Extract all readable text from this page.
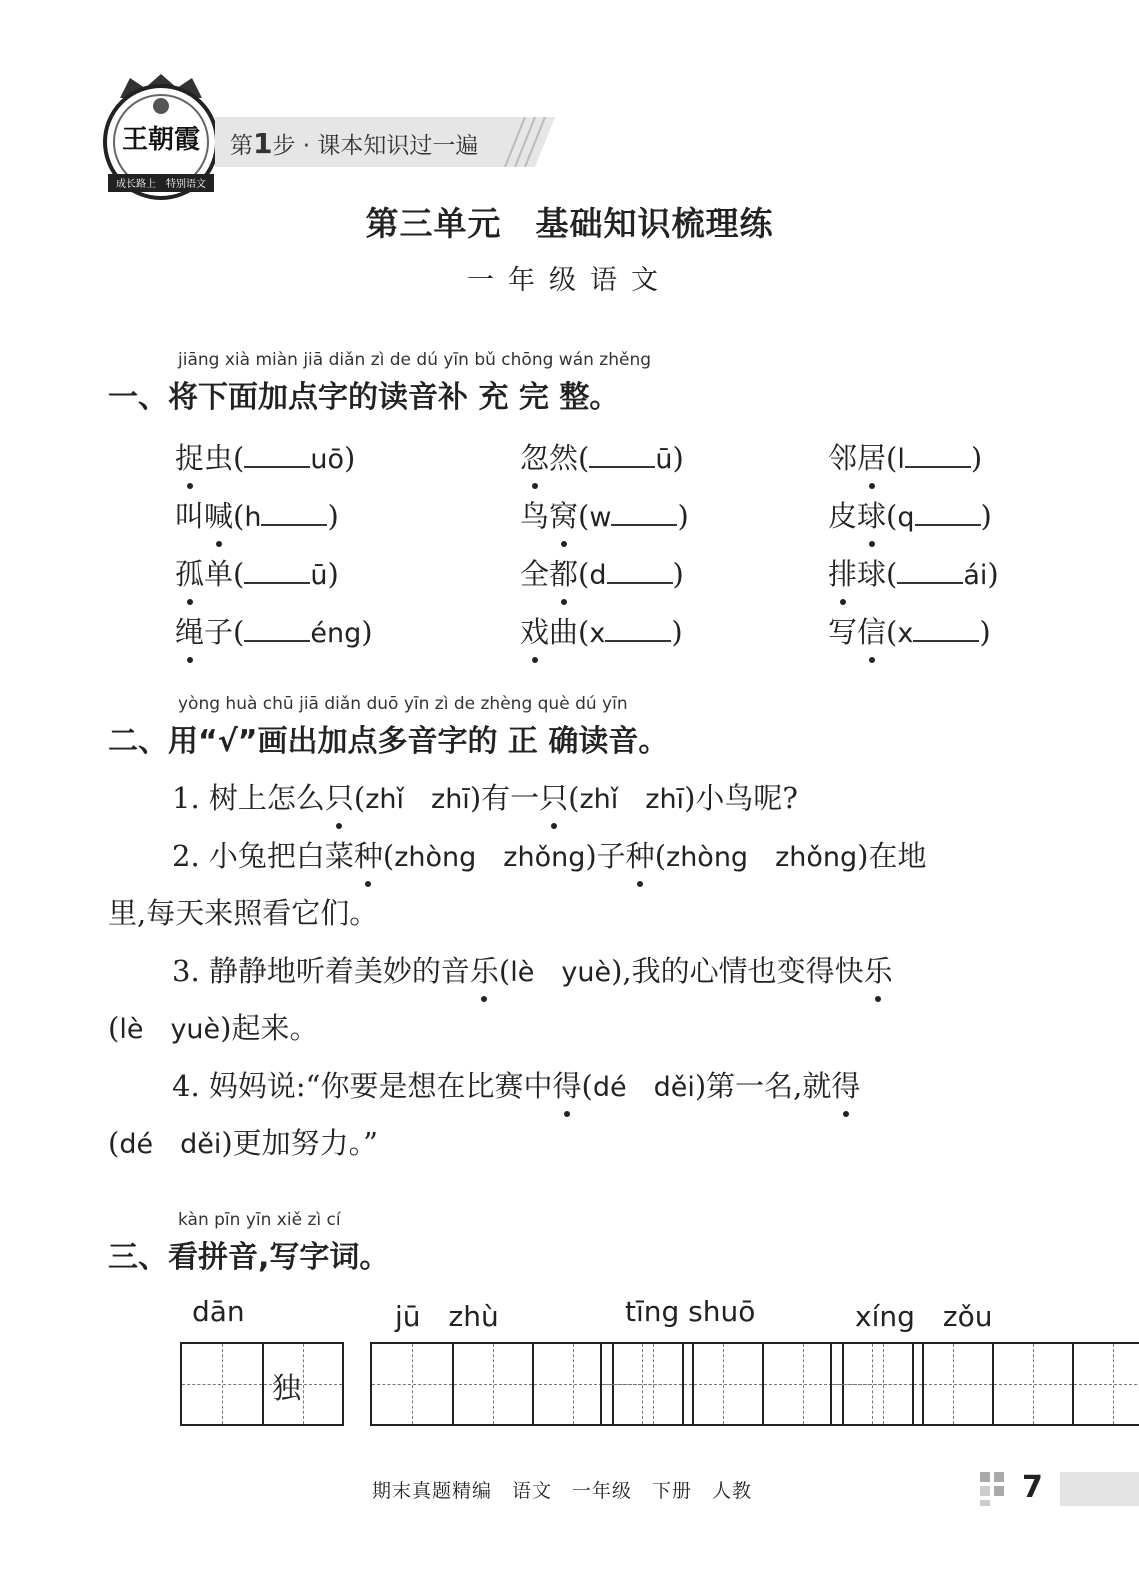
王朝霞
成长路上 特别语文
第1步 · 课本知识过一遍
第三单元　基础知识梳理练
一年级语文
jiāng xià miàn jiā diǎn zì de dú yīn bǔ chōng wán zhěng
一、将下面加点字的读音补 充 完 整。
捉虫( uō)	忽然( ū)	邻居(l )
叫喊(h )	鸟窝(w )	皮球(q )
孤单( ū)	全都(d )	排球( ái)
绳子( éng)	戏曲(x )	写信(x )
yòng huà chū jiā diǎn duō yīn zì de zhèng què dú yīn
二、用“√”画出加点多音字的 正 确读音。
1. 树上怎么只(zhǐ　zhī)有一只(zhǐ　zhī)小鸟呢?
2. 小兔把白菜种(zhòng　zhǒng)子种(zhòng　zhǒng)在地
里,每天来照看它们。
3. 静静地听着美妙的音乐(lè　yuè),我的心情也变得快乐
(lè　yuè)起来。
4. 妈妈说:“你要是想在比赛中得(dé　děi)第一名,就得
(dé　děi)更加努力。”
kàn pīn yīn xiě zì cí
三、看拼音,写字词。
dān
独
jū　zhù	tīng shuō	xíng　zǒu
期末真题精编　语文　一年级　下册　人教	7
